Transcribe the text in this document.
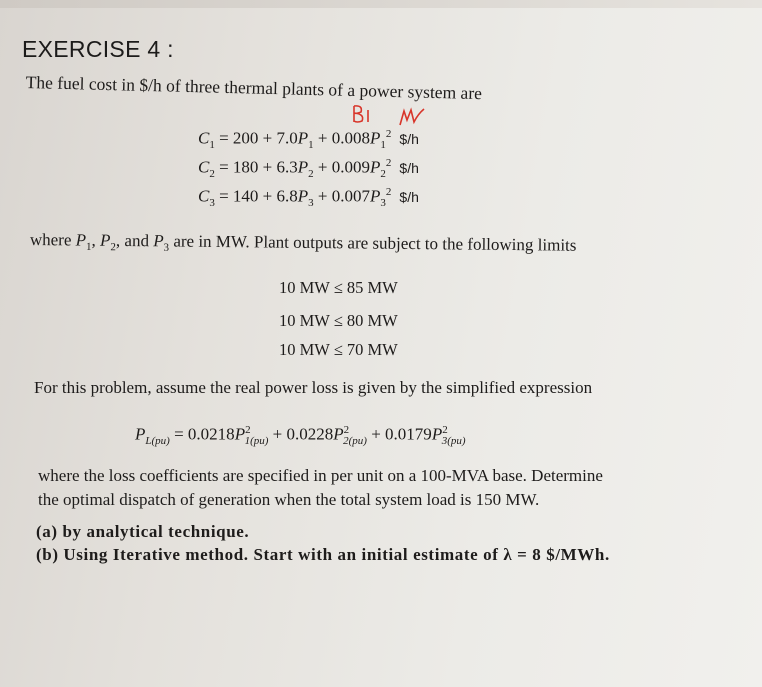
EXERCISE 4 :
The fuel cost in $/h of three thermal plants of a power system are
$C_1 = 200 + 7.0P_1 + 0.008P_1^2$ $/h
$C_2 = 180 + 6.3P_2 + 0.009P_2^2$ $/h
$C_3 = 140 + 6.8P_3 + 0.007P_3^2$ $/h
where $P_1$, $P_2$, and $P_3$ are in MW. Plant outputs are subject to the following limits
10 MW ≤ 85 MW
10 MW ≤ 80 MW
10 MW ≤ 70 MW
For this problem, assume the real power loss is given by the simplified expression
$P_{L(pu)} = 0.0218P^2_{1(pu)} + 0.0228P^2_{2(pu)} + 0.0179P^2_{3(pu)}$
where the loss coefficients are specified in per unit on a 100-MVA base. Determine
the optimal dispatch of generation when the total system load is 150 MW.
(a) by analytical technique.
(b) Using Iterative method. Start with an initial estimate of λ = 8 $/MWh.
